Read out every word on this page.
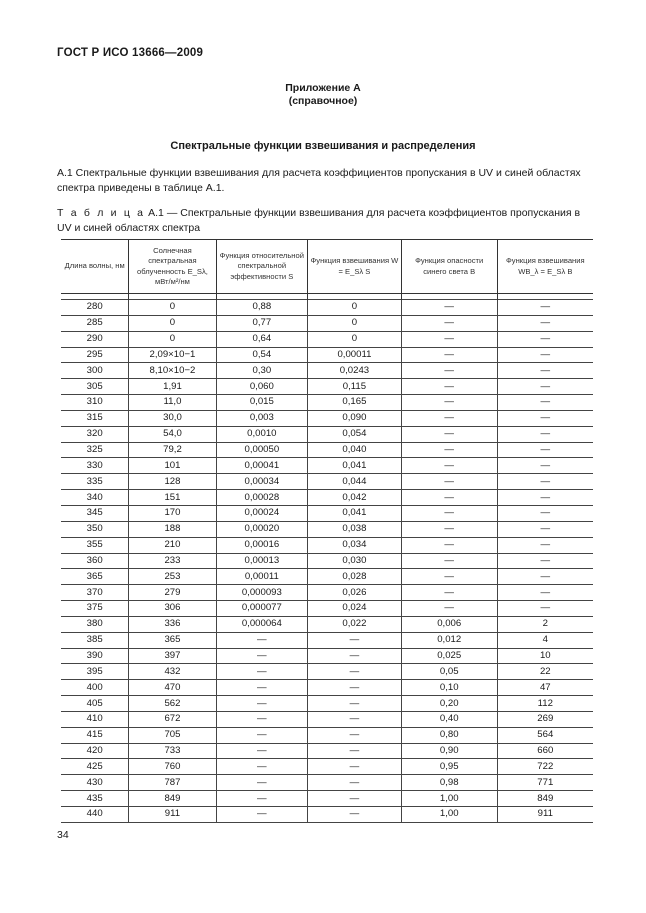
ГОСТ Р ИСО 13666—2009
Приложение А
(справочное)
Спектральные функции взвешивания и распределения
А.1 Спектральные функции взвешивания для расчета коэффициентов пропускания в UV и синей областях спектра приведены в таблице А.1.
Т а б л и ц а А.1 — Спектральные функции взвешивания для расчета коэффициентов пропускания в UV и синей областях спектра
Длина волны, нм	Солнечная спектральная облученность E_Sλ, мВт/м²/нм	Функция относительной спектральной эффективности S	Функция взвешивания W = E_Sλ S	Функция опасности синего света B	Функция взвешивания WB_λ = E_Sλ B

280	0	0,88	0	—	—
285	0	0,77	0	—	—
290	0	0,64	0	—	—
295	2,09×10−1	0,54	0,00011	—	—
300	8,10×10−2	0,30	0,0243	—	—
305	1,91	0,060	0,115	—	—
310	11,0	0,015	0,165	—	—
315	30,0	0,003	0,090	—	—
320	54,0	0,0010	0,054	—	—
325	79,2	0,00050	0,040	—	—
330	101	0,00041	0,041	—	—
335	128	0,00034	0,044	—	—
340	151	0,00028	0,042	—	—
345	170	0,00024	0,041	—	—
350	188	0,00020	0,038	—	—
355	210	0,00016	0,034	—	—
360	233	0,00013	0,030	—	—
365	253	0,00011	0,028	—	—
370	279	0,000093	0,026	—	—
375	306	0,000077	0,024	—	—
380	336	0,000064	0,022	0,006	2
385	365	—	—	0,012	4
390	397	—	—	0,025	10
395	432	—	—	0,05	22
400	470	—	—	0,10	47
405	562	—	—	0,20	112
410	672	—	—	0,40	269
415	705	—	—	0,80	564
420	733	—	—	0,90	660
425	760	—	—	0,95	722
430	787	—	—	0,98	771
435	849	—	—	1,00	849
440	911	—	—	1,00	911
34
